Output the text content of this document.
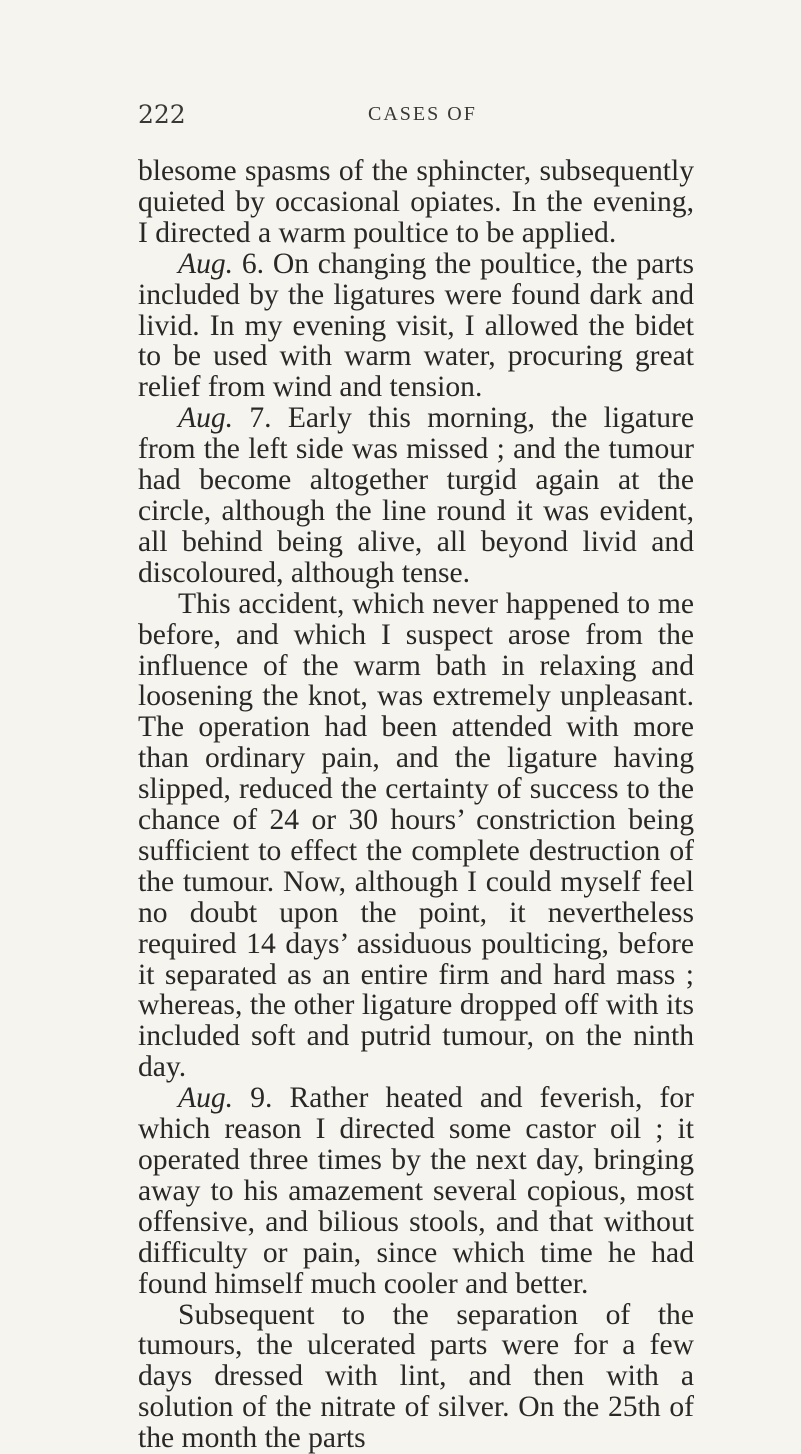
222	CASES OF

blesome spasms of the sphincter, subsequently quieted by occasional opiates. In the evening, I directed a warm poultice to be applied.

Aug. 6. On changing the poultice, the parts included by the ligatures were found dark and livid. In my evening visit, I allowed the bidet to be used with warm water, procuring great relief from wind and tension.

Aug. 7. Early this morning, the ligature from the left side was missed ; and the tumour had become altogether turgid again at the circle, although the line round it was evident, all behind being alive, all beyond livid and discoloured, although tense.

This accident, which never happened to me before, and which I suspect arose from the influence of the warm bath in relaxing and loosening the knot, was extremely unpleasant. The operation had been attended with more than ordinary pain, and the ligature having slipped, reduced the certainty of success to the chance of 24 or 30 hours’ constriction being sufficient to effect the complete destruction of the tumour. Now, although I could myself feel no doubt upon the point, it nevertheless required 14 days’ assiduous poulticing, before it separated as an entire firm and hard mass ; whereas, the other ligature dropped off with its included soft and putrid tumour, on the ninth day.

Aug. 9. Rather heated and feverish, for which reason I directed some castor oil ; it operated three times by the next day, bringing away to his amazement several copious, most offensive, and bilious stools, and that without difficulty or pain, since which time he had found himself much cooler and better.

Subsequent to the separation of the tumours, the ulcerated parts were for a few days dressed with lint, and then with a solution of the nitrate of silver. On the 25th of the month the parts
